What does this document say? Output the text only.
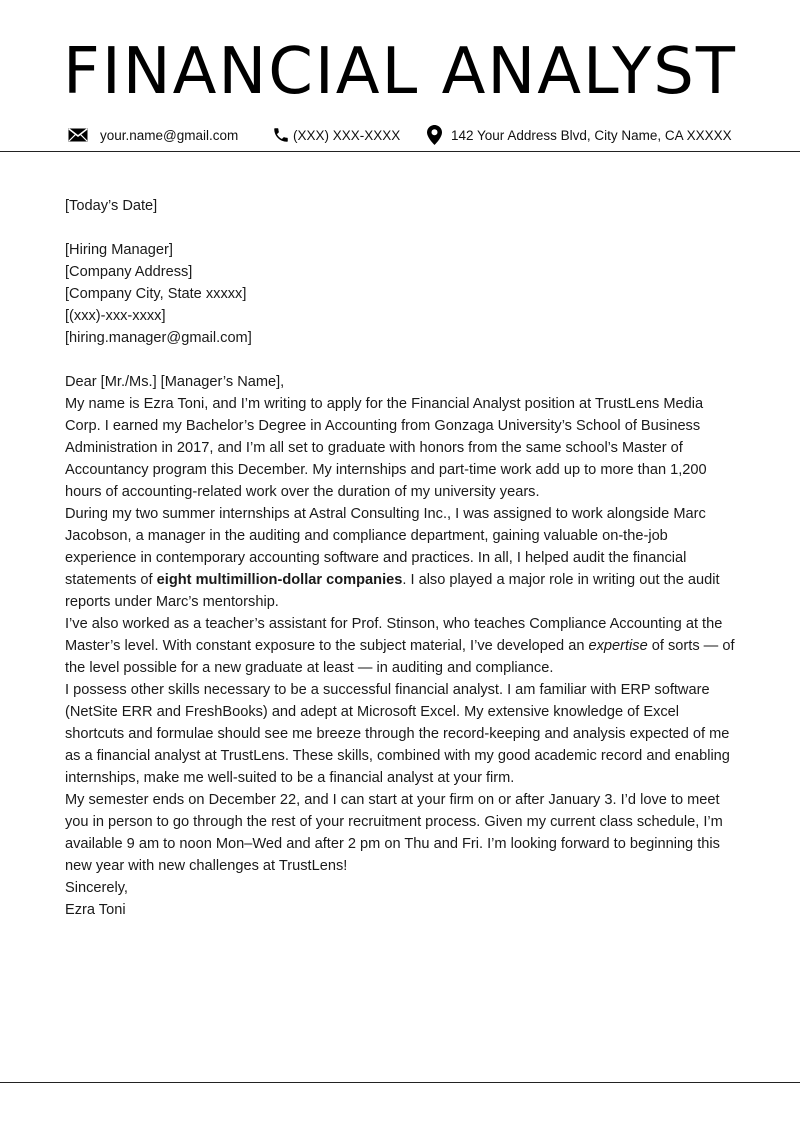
FINANCIAL ANALYST
your.name@gmail.com	(XXX) XXX-XXXX	142 Your Address Blvd, City Name, CA XXXXX

[Today’s Date]

[Hiring Manager]

[Company Address]

[Company City, State xxxxx]

[(xxx)-xxx-xxxx]

[hiring.manager@gmail.com]

Dear [Mr./Ms.] [Manager’s Name],

My name is Ezra Toni, and I’m writing to apply for the Financial Analyst position at TrustLens Media Corp. I earned my Bachelor’s Degree in Accounting from Gonzaga University’s School of Business Administration in 2017, and I’m all set to graduate with honors from the same school’s Master of Accountancy program this December. My internships and part-time work add up to more than 1,200 hours of accounting-related work over the duration of my university years.

During my two summer internships at Astral Consulting Inc., I was assigned to work alongside Marc Jacobson, a manager in the auditing and compliance department, gaining valuable on-the-job experience in contemporary accounting software and practices. In all, I helped audit the financial statements of eight multimillion-dollar companies. I also played a major role in writing out the audit reports under Marc’s mentorship.

I’ve also worked as a teacher’s assistant for Prof. Stinson, who teaches Compliance Accounting at the Master’s level. With constant exposure to the subject material, I’ve developed an expertise of sorts — of the level possible for a new graduate at least — in auditing and compliance.

I possess other skills necessary to be a successful financial analyst. I am familiar with ERP software (NetSite ERR and FreshBooks) and adept at Microsoft Excel. My extensive knowledge of Excel shortcuts and formulae should see me breeze through the record-keeping and analysis expected of me as a financial analyst at TrustLens. These skills, combined with my good academic record and enabling internships, make me well-suited to be a financial analyst at your firm.

My semester ends on December 22, and I can start at your firm on or after January 3. I’d love to meet you in person to go through the rest of your recruitment process. Given my current class schedule, I’m available 9 am to noon Mon–Wed and after 2 pm on Thu and Fri. I’m looking forward to beginning this new year with new challenges at TrustLens!

Sincerely,

Ezra Toni
